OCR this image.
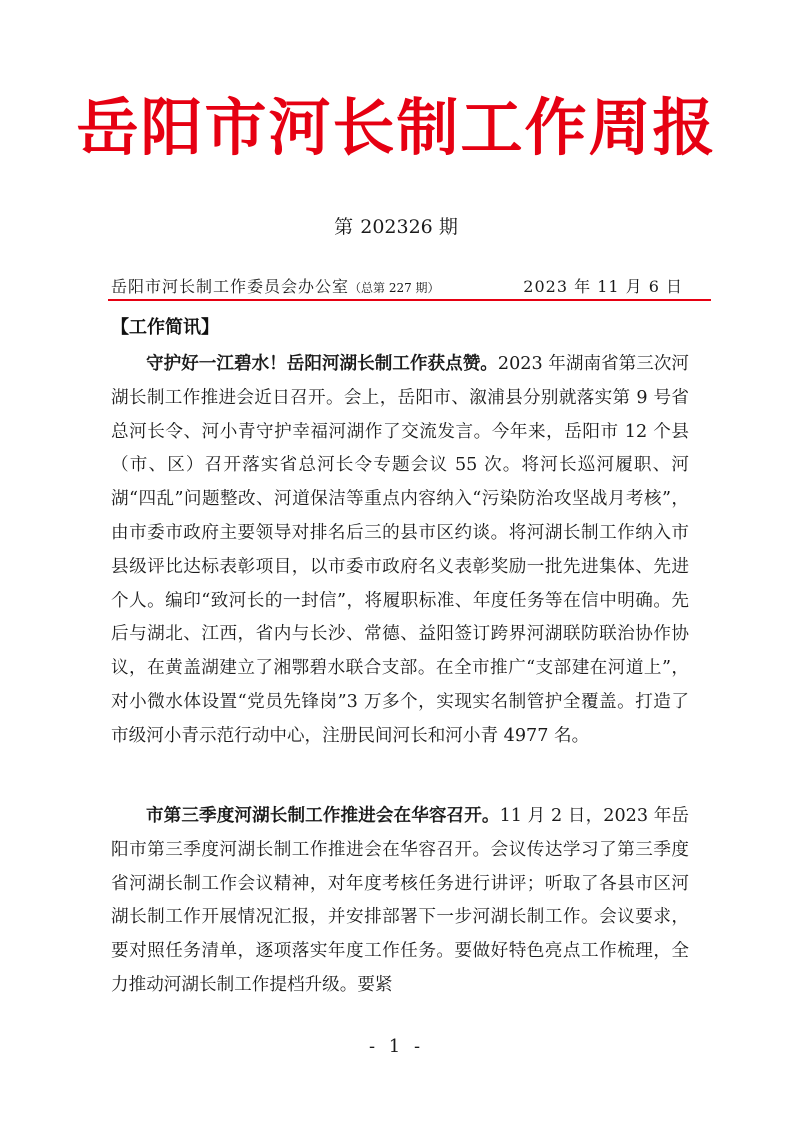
岳阳市河长制工作周报
第 202326 期
岳阳市河长制工作委员会办公室（总第 227 期）	2023 年 11 月 6 日
【工作简讯】

守护好一江碧水！岳阳河湖长制工作获点赞。2023 年湖南省第三次河湖长制工作推进会近日召开。会上，岳阳市、溆浦县分别就落实第 9 号省总河长令、河小青守护幸福河湖作了交流发言。今年来，岳阳市 12 个县（市、区）召开落实省总河长令专题会议 55 次。将河长巡河履职、河湖“四乱”问题整改、河道保洁等重点内容纳入“污染防治攻坚战月考核”，由市委市政府主要领导对排名后三的县市区约谈。将河湖长制工作纳入市县级评比达标表彰项目，以市委市政府名义表彰奖励一批先进集体、先进个人。编印“致河长的一封信”，将履职标准、年度任务等在信中明确。先后与湖北、江西，省内与长沙、常德、益阳签订跨界河湖联防联治协作协议，在黄盖湖建立了湘鄂碧水联合支部。在全市推广“支部建在河道上”，对小微水体设置“党员先锋岗”3 万多个，实现实名制管护全覆盖。打造了市级河小青示范行动中心，注册民间河长和河小青 4977 名。

市第三季度河湖长制工作推进会在华容召开。11 月 2 日，2023 年岳阳市第三季度河湖长制工作推进会在华容召开。会议传达学习了第三季度省河湖长制工作会议精神，对年度考核任务进行讲评；听取了各县市区河湖长制工作开展情况汇报，并安排部署下一步河湖长制工作。会议要求，要对照任务清单，逐项落实年度工作任务。要做好特色亮点工作梳理，全力推动河湖长制工作提档升级。要紧

- 1 -
